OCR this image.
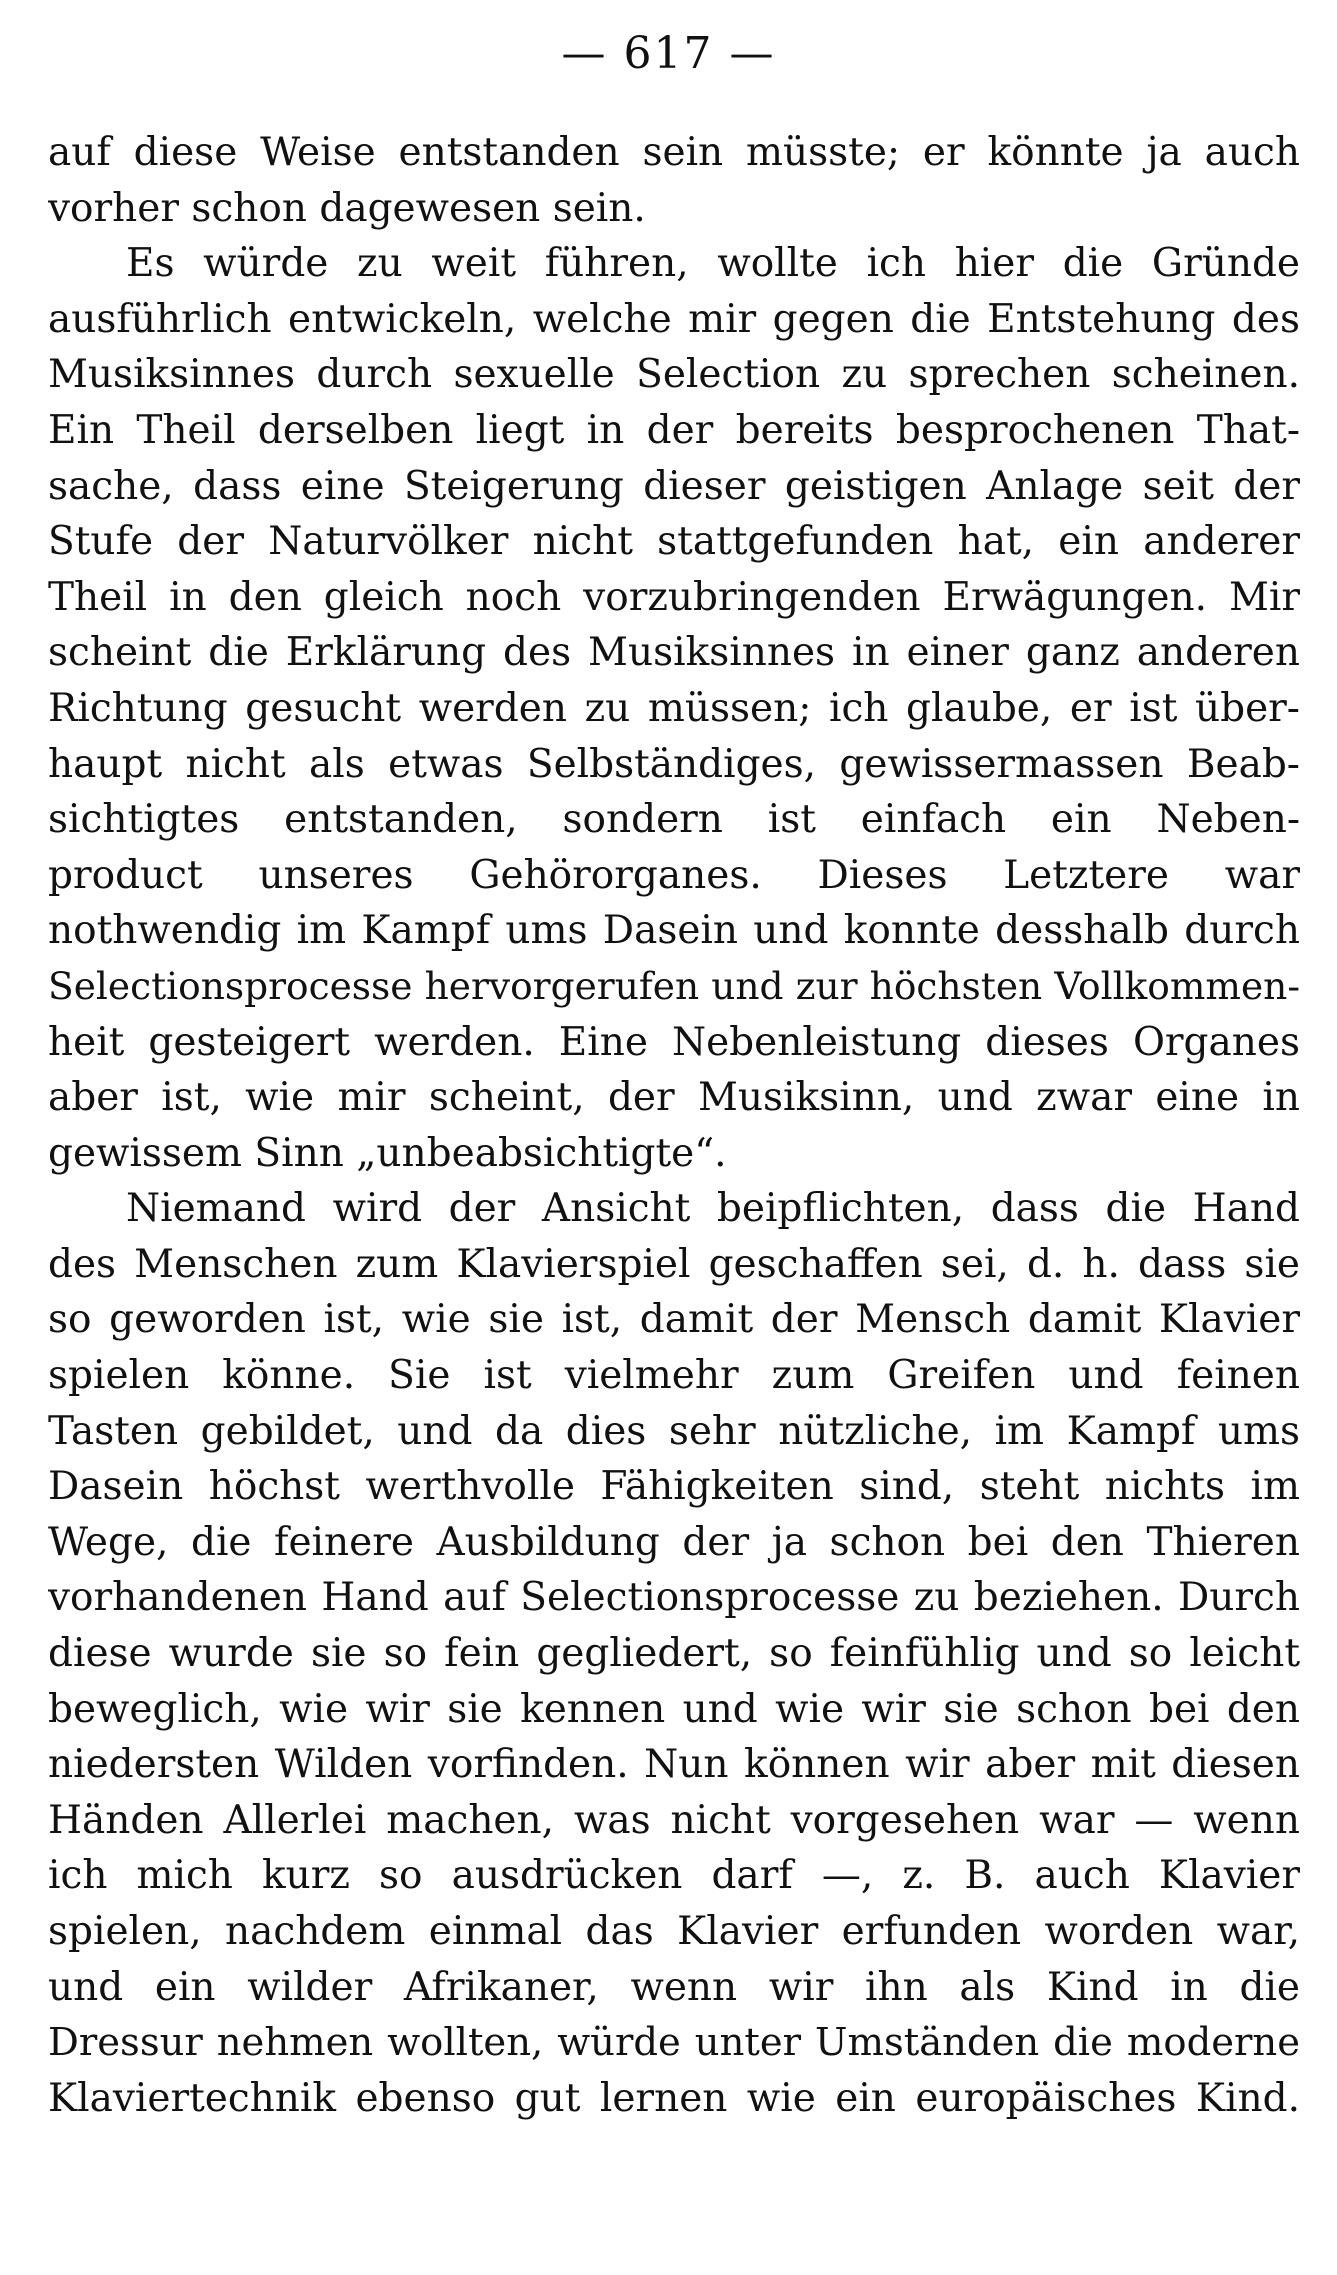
— 617 —
auf diese Weise entstanden sein müsste; er könnte ja auch
vorher schon dagewesen sein.
Es würde zu weit führen, wollte ich hier die Gründe
ausführlich entwickeln, welche mir gegen die Entstehung des
Musiksinnes durch sexuelle Selection zu sprechen scheinen.
Ein Theil derselben liegt in der bereits besprochenen That-
sache, dass eine Steigerung dieser geistigen Anlage seit der
Stufe der Naturvölker nicht stattgefunden hat, ein anderer
Theil in den gleich noch vorzubringenden Erwägungen. Mir
scheint die Erklärung des Musiksinnes in einer ganz anderen
Richtung gesucht werden zu müssen; ich glaube, er ist über-
haupt nicht als etwas Selbständiges, gewissermassen Beab-
sichtigtes entstanden, sondern ist einfach ein Neben-
product unseres Gehörorganes. Dieses Letztere war
nothwendig im Kampf ums Dasein und konnte desshalb durch
Selectionsprocesse hervorgerufen und zur höchsten Vollkommen-
heit gesteigert werden. Eine Nebenleistung dieses Organes
aber ist, wie mir scheint, der Musiksinn, und zwar eine in
gewissem Sinn „unbeabsichtigte“.
Niemand wird der Ansicht beipflichten, dass die Hand
des Menschen zum Klavierspiel geschaffen sei, d. h. dass sie
so geworden ist, wie sie ist, damit der Mensch damit Klavier
spielen könne. Sie ist vielmehr zum Greifen und feinen
Tasten gebildet, und da dies sehr nützliche, im Kampf ums
Dasein höchst werthvolle Fähigkeiten sind, steht nichts im
Wege, die feinere Ausbildung der ja schon bei den Thieren
vorhandenen Hand auf Selectionsprocesse zu beziehen. Durch
diese wurde sie so fein gegliedert, so feinfühlig und so leicht
beweglich, wie wir sie kennen und wie wir sie schon bei den
niedersten Wilden vorfinden. Nun können wir aber mit diesen
Händen Allerlei machen, was nicht vorgesehen war — wenn
ich mich kurz so ausdrücken darf —, z. B. auch Klavier
spielen, nachdem einmal das Klavier erfunden worden war,
und ein wilder Afrikaner, wenn wir ihn als Kind in die
Dressur nehmen wollten, würde unter Umständen die moderne
Klaviertechnik ebenso gut lernen wie ein europäisches Kind.
